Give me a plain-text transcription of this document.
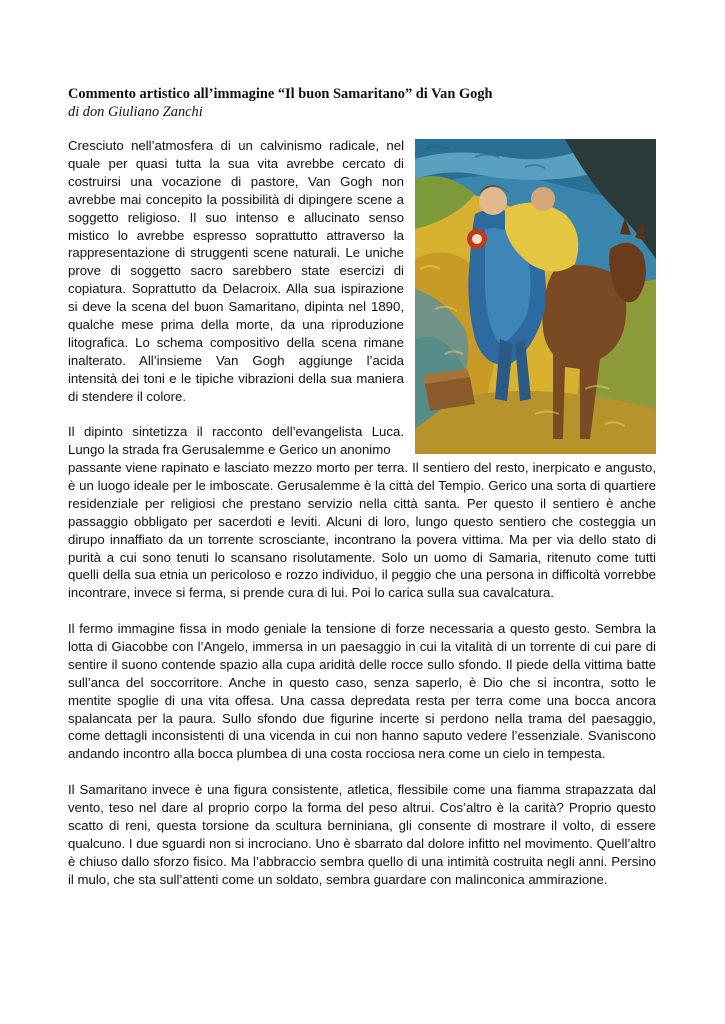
Commento artistico all’immagine “Il buon Samaritano” di Van Gogh
di don Giuliano Zanchi

Cresciuto nell’atmosfera di un calvinismo radicale, nel quale per quasi tutta la sua vita avrebbe cercato di costruirsi una vocazione di pastore, Van Gogh non avrebbe mai concepito la possibilità di dipingere scene a soggetto religioso. Il suo intenso e allucinato senso mistico lo avrebbe espresso soprattutto attraverso la rappresentazione di struggenti scene naturali. Le uniche prove di soggetto sacro sarebbero state esercizi di copiatura. Soprattutto da Delacroix. Alla sua ispirazione si deve la scena del buon Samaritano, dipinta nel 1890, qualche mese prima della morte, da una riproduzione litografica. Lo schema compositivo della scena rimane inalterato. All’insieme Van Gogh aggiunge l’acida intensità dei toni e le tipiche vibrazioni della sua maniera di stendere il colore.

Il dipinto sintetizza il racconto dell’evangelista Luca. Lungo la strada fra Gerusalemme e Gerico un anonimo

passante viene rapinato e lasciato mezzo morto per terra. Il sentiero del resto, inerpicato e angusto, è un luogo ideale per le imboscate. Gerusalemme è la città del Tempio. Gerico una sorta di quartiere residenziale per religiosi che prestano servizio nella città santa. Per questo il sentiero è anche passaggio obbligato per sacerdoti e leviti. Alcuni di loro, lungo questo sentiero che costeggia un dirupo innaffiato da un torrente scrosciante, incontrano la povera vittima. Ma per via dello stato di purità a cui sono tenuti lo scansano risolutamente. Solo un uomo di Samaria, ritenuto come tutti quelli della sua etnia un pericoloso e rozzo individuo, il peggio che una persona in difficoltà vorrebbe incontrare, invece si ferma, si prende cura di lui. Poi lo carica sulla sua cavalcatura.

Il fermo immagine fissa in modo geniale la tensione di forze necessaria a questo gesto. Sembra la lotta di Giacobbe con l’Angelo, immersa in un paesaggio in cui la vitalità di un torrente di cui pare di sentire il suono contende spazio alla cupa aridità delle rocce sullo sfondo. Il piede della vittima batte sull’anca del soccorritore. Anche in questo caso, senza saperlo, è Dio che si incontra, sotto le mentite spoglie di una vita offesa. Una cassa depredata resta per terra come una bocca ancora spalancata per la paura. Sullo sfondo due figurine incerte si perdono nella trama del paesaggio, come dettagli inconsistenti di una vicenda in cui non hanno saputo vedere l’essenziale. Svaniscono andando incontro alla bocca plumbea di una costa rocciosa nera come un cielo in tempesta.

Il Samaritano invece è una figura consistente, atletica, flessibile come una fiamma strapazzata dal vento, teso nel dare al proprio corpo la forma del peso altrui. Cos’altro è la carità? Proprio questo scatto di reni, questa torsione da scultura berniniana, gli consente di mostrare il volto, di essere qualcuno. I due sguardi non si incrociano. Uno è sbarrato dal dolore infitto nel movimento. Quell’altro è chiuso dallo sforzo fisico. Ma l’abbraccio sembra quello di una intimità costruita negli anni. Persino il mulo, che sta sull’attenti come un soldato, sembra guardare con malinconica ammirazione.
